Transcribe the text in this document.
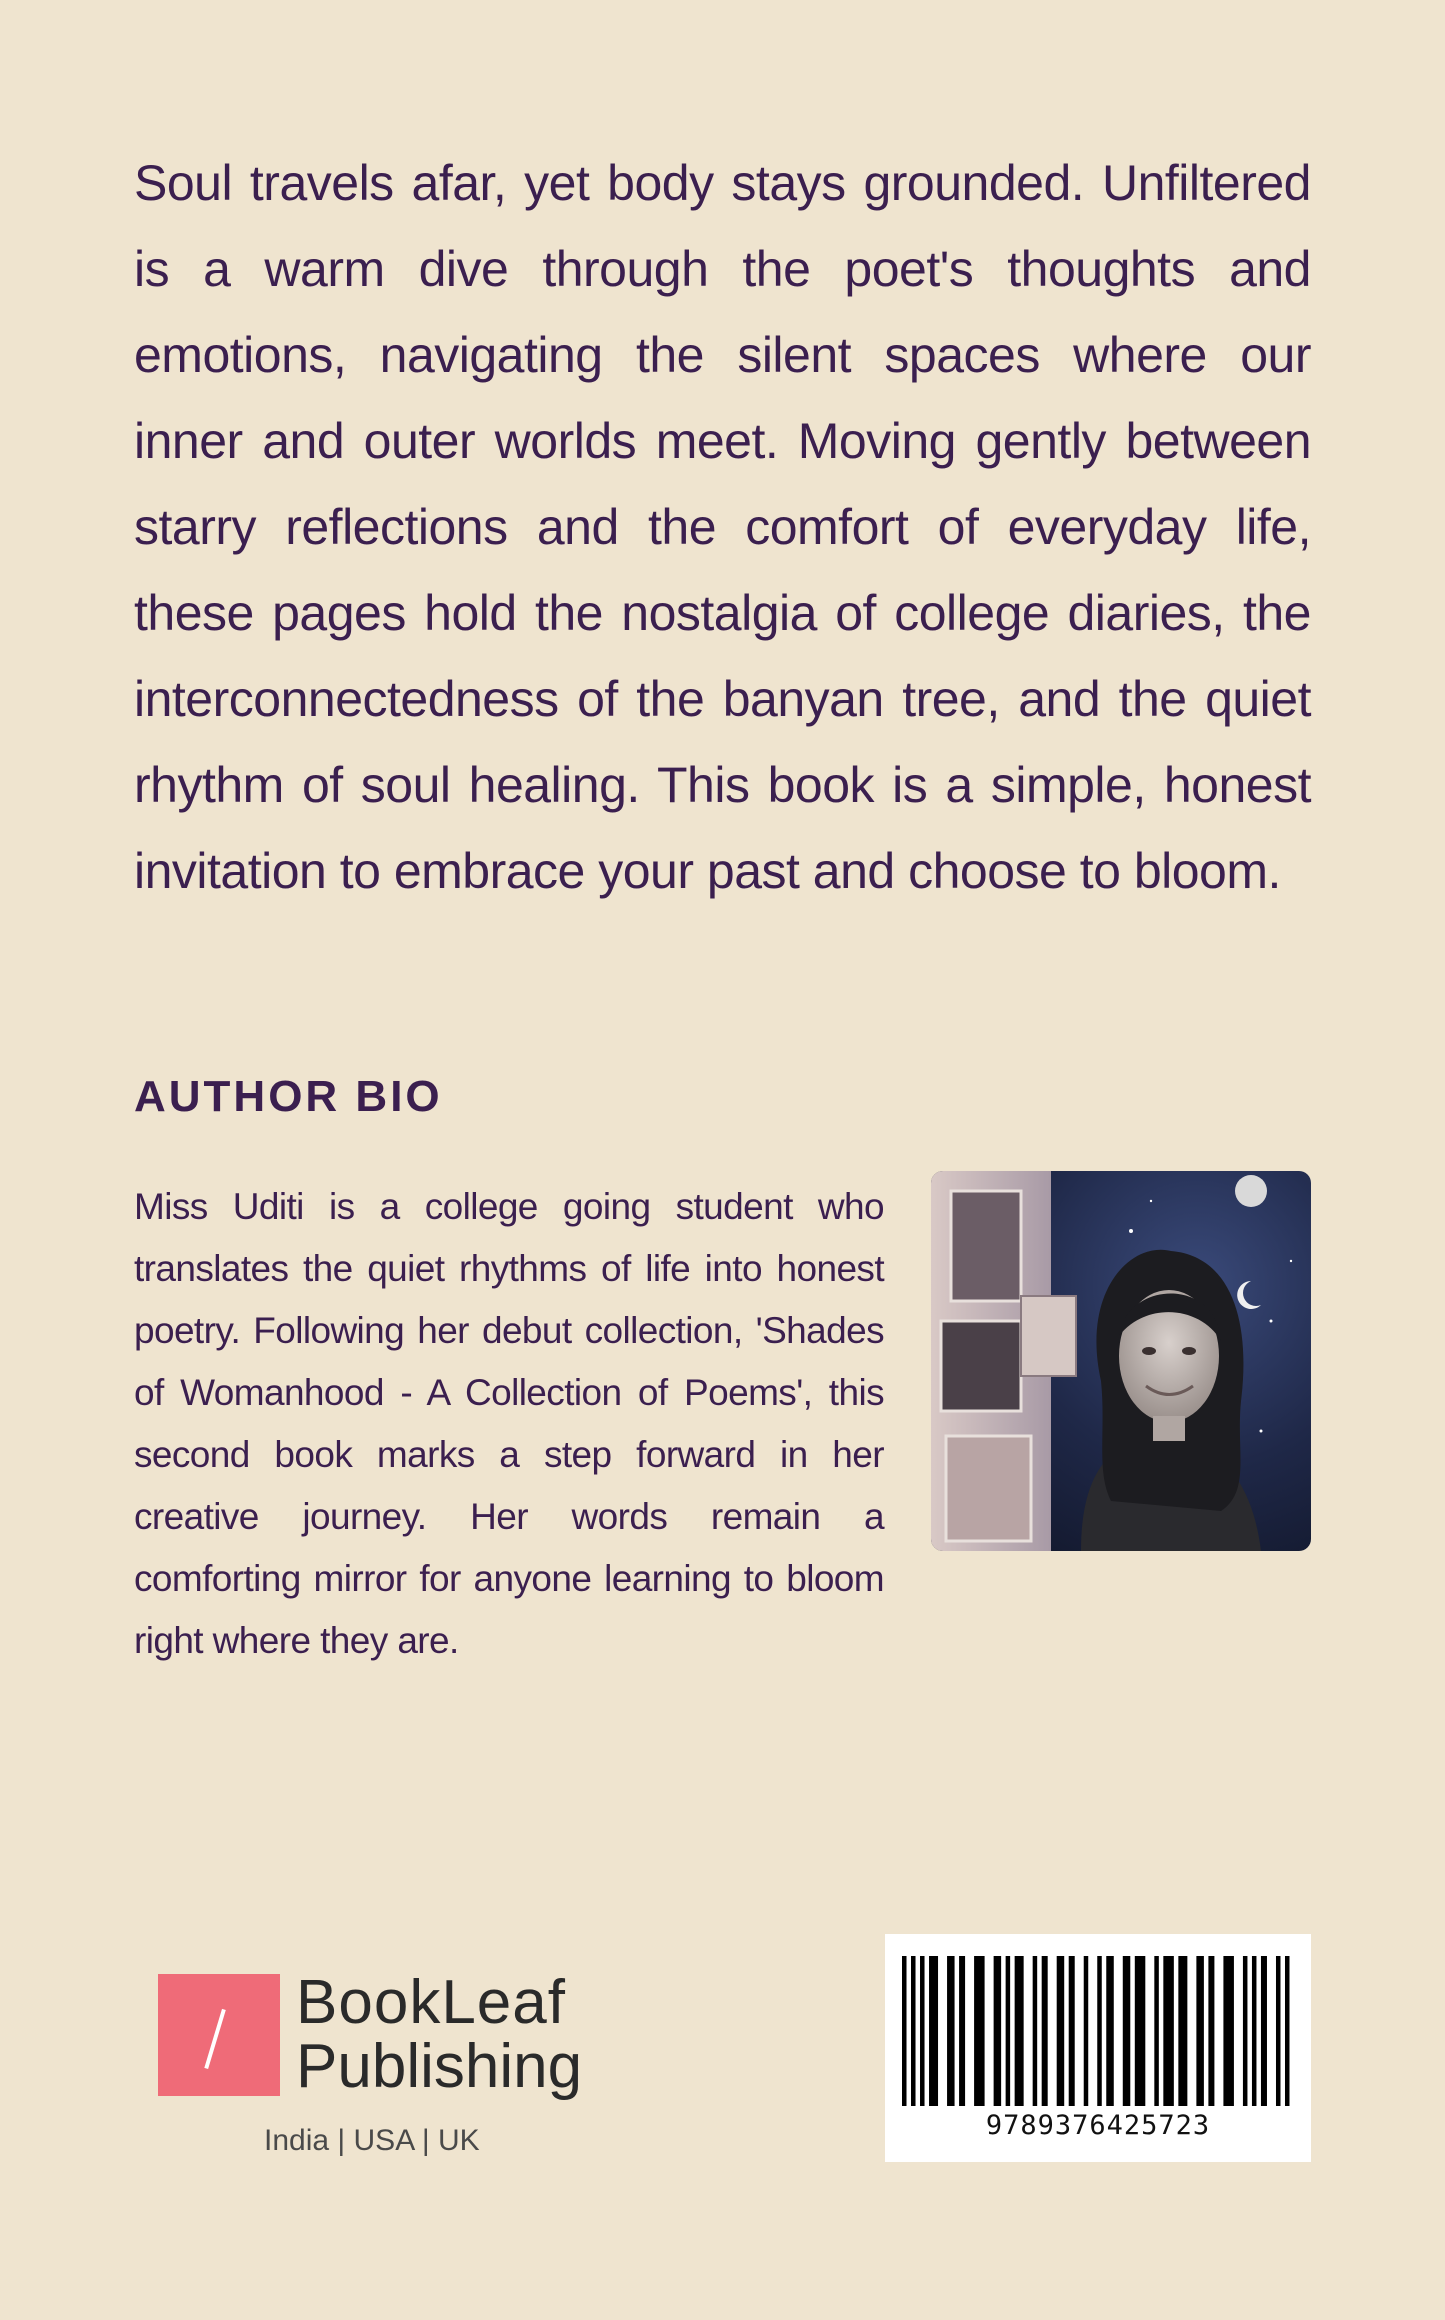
Soul travels afar, yet body stays grounded. Unfiltered is a warm dive through the poet's thoughts and emotions, navigating the silent spaces where our inner and outer worlds meet. Moving gently between starry reflections and the comfort of everyday life, these pages hold the nostalgia of college diaries, the interconnectedness of the banyan tree, and the quiet rhythm of soul healing. This book is a simple, honest invitation to embrace your past and choose to bloom.

AUTHOR BIO

Miss Uditi is a college going student who translates the quiet rhythms of life into honest poetry. Following her debut collection, 'Shades of Womanhood - A Collection of Poems', this second book marks a step forward in her creative journey. Her words remain a comforting mirror for anyone learning to bloom right where they are.

BookLeaf
Publishing
India | USA | UK	9789376425723
